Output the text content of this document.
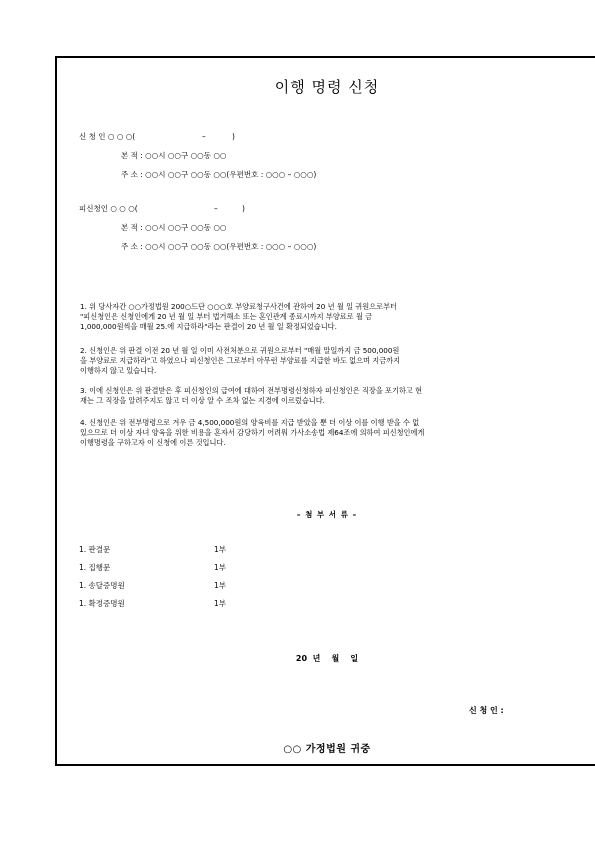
이행 명령 신청
신 청 인 ○ ○ ○(	–	)
본 적 : ○○시 ○○구 ○○동 ○○
주 소 : ○○시 ○○구 ○○동 ○○(우편번호 : ○○○ – ○○○)
피신청인 ○ ○ ○(	–	)
본 적 : ○○시 ○○구 ○○동 ○○
주 소 : ○○시 ○○구 ○○동 ○○(우편번호 : ○○○ – ○○○)
1. 위 당사자간 ○○가정법원 200○드단 ○○○호 부양료청구사건에 관하여 20 년 월 일 귀원으로부터
"피신청인은 신청인에게 20 년 월 일 부터 법거해소 또는 혼인관계 종료시까지 부양료로 월 금
1,000,000원씩을 매월 25.에 지급하라"라는 판결이 20 년 월 일 확정되었습니다.
2. 신청인은 위 판결 이전 20 년 월 일 이미 사전처분으로 귀원으로부터 "매월 말일까지 금 500,000원
을 부양료로 지급하라"고 하였으나 피신청인은 그로부터 아무런 부양료를 지급한 바도 없으며 지금까지
이행하지 않고 있습니다.
3. 이에 신청인은 위 판결받은 후 피신청인의 급여에 대하여 전부명령신청하자 피신청인은 직장을 포기하고 현
재는 그 직장을 알려주지도 않고 더 이상 알 수 조차 없는 지경에 이르렀습니다.
4. 신청인은 위 전부명령으로 겨우 금 4,500,000원의 양육비를 지급 받았을 뿐 더 이상 이를 이행 받을 수 없
있으므로 더 이상 자녀 양육을 위한 비용을 혼자서 감당하기 어려워 가사소송법 제64조에 의하여 피신청인에게
이행명령을 구하고자 이 신청에 이른 것입니다.
– 첨 부 서 류 –
1. 판결문	1부
1. 집행문	1부
1. 송달증명원	1부
1. 확정증명원	1부
20  년    월    일
신 청 인 :
○○ 가정법원 귀중
